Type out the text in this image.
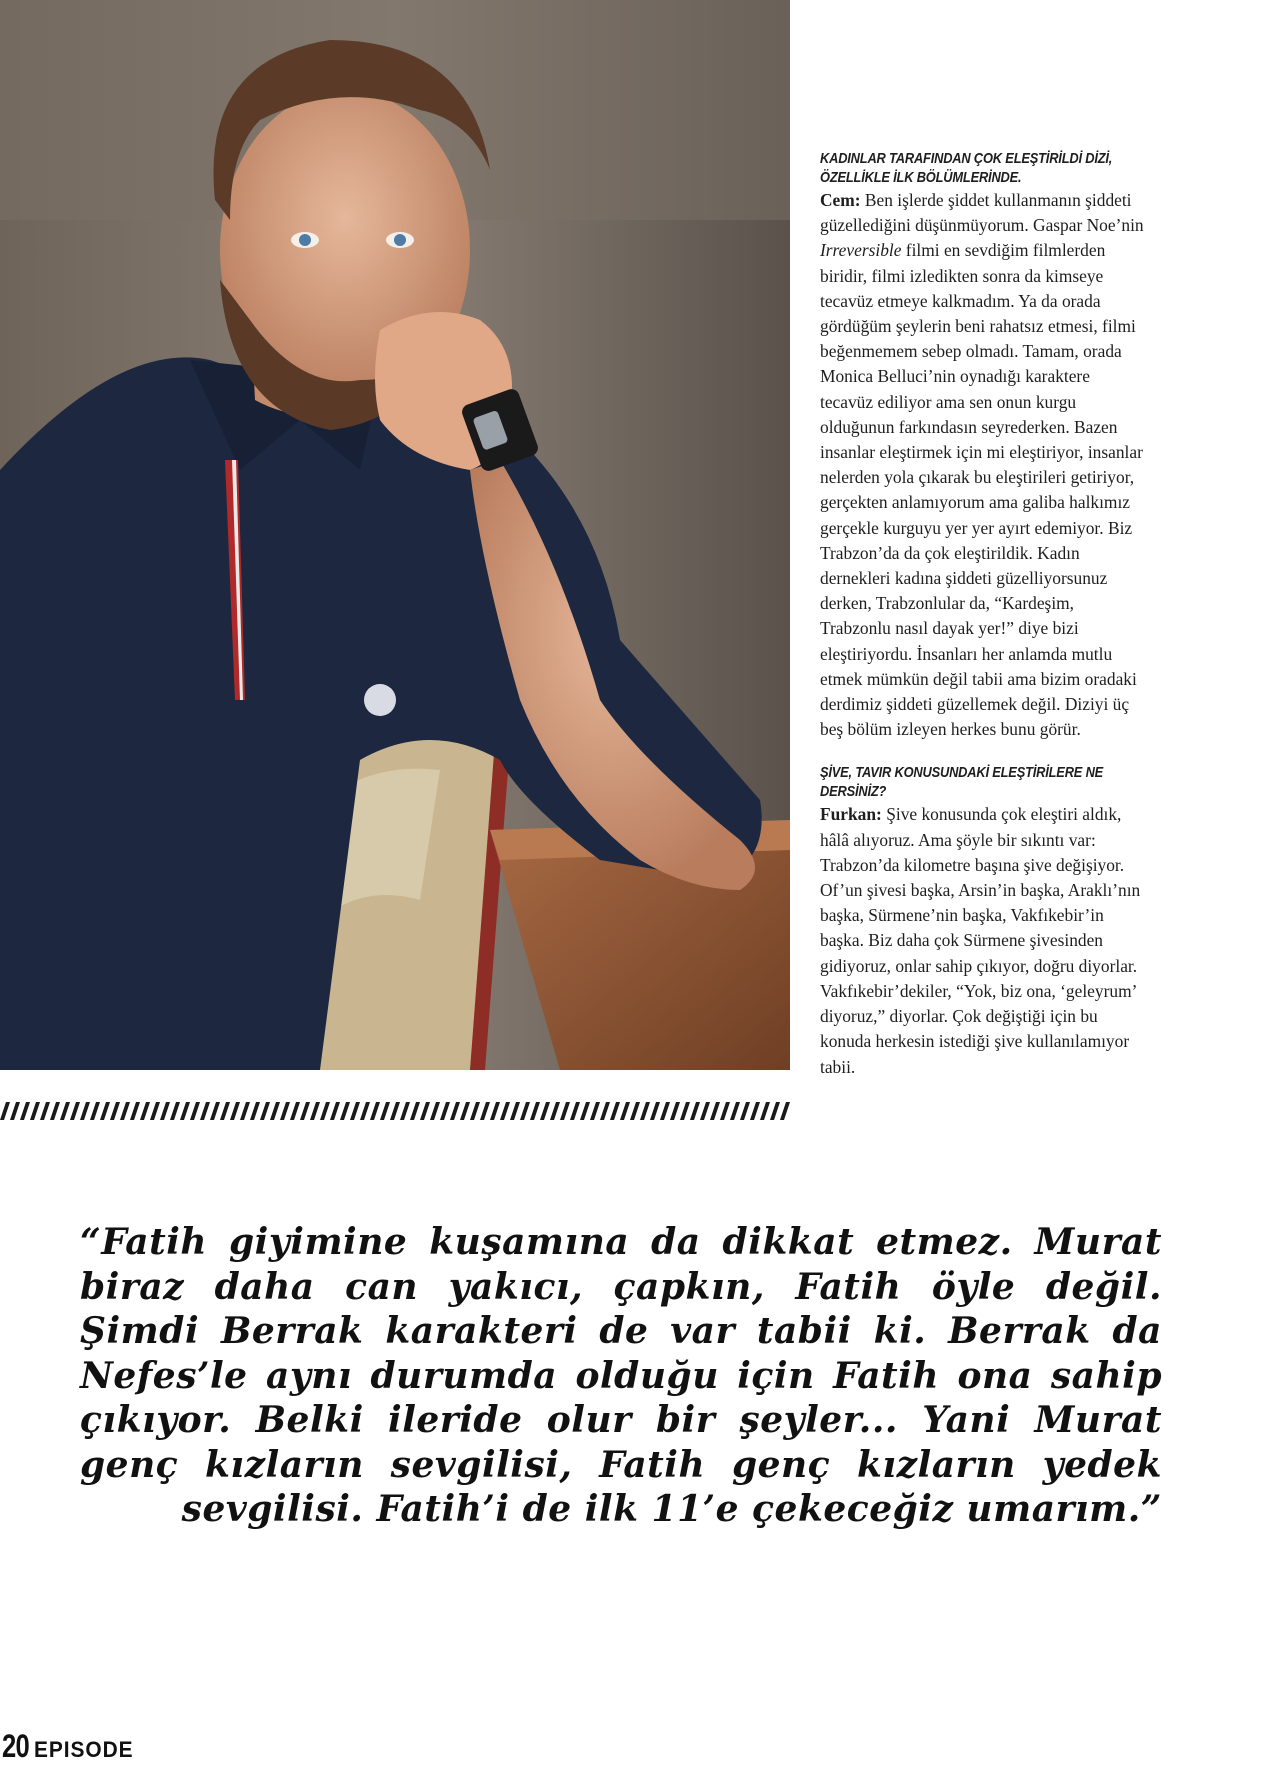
KADINLAR TARAFINDAN ÇOK ELEŞTİRİLDİ DİZİ, ÖZELLİKLE İLK BÖLÜMLERİNDE.
Cem: Ben işlerde şiddet kullanmanın şiddeti güzellediğini düşünmüyorum. Gaspar Noe’nin Irreversible filmi en sevdiğim filmlerden biridir, filmi izledikten sonra da kimseye tecavüz etmeye kalkmadım. Ya da orada gördüğüm şeylerin beni rahatsız etmesi, filmi beğenmemem sebep olmadı. Tamam, orada Monica Belluci’nin oynadığı karaktere tecavüz ediliyor ama sen onun kurgu olduğunun farkındasın seyrederken. Bazen insanlar eleştirmek için mi eleştiriyor, insanlar nelerden yola çıkarak bu eleştirileri getiriyor, gerçekten anlamıyorum ama galiba halkımız gerçekle kurguyu yer yer ayırt edemiyor. Biz Trabzon’da da çok eleştirildik. Kadın dernekleri kadına şiddeti güzelliyorsunuz derken, Trabzonlular da, “Kardeşim, Trabzonlu nasıl dayak yer!” diye bizi eleştiriyordu. İnsanları her anlamda mutlu etmek mümkün değil tabii ama bizim oradaki derdimiz şiddeti güzellemek değil. Diziyi üç beş bölüm izleyen herkes bunu görür.
ŞİVE, TAVIR KONUSUNDAKİ ELEŞTİRİLERE NE DERSİNİZ?
Furkan: Şive konusunda çok eleştiri aldık, hâlâ alıyoruz. Ama şöyle bir sıkıntı var: Trabzon’da kilometre başına şive değişiyor. Of’un şivesi başka, Arsin’in başka, Araklı’nın başka, Sürmene’nin başka, Vakfıkebir’in başka. Biz daha çok Sürmene şivesinden gidiyoruz, onlar sahip çıkıyor, doğru diyorlar. Vakfıkebir’dekiler, “Yok, biz ona, ‘geleyrum’ diyoruz,” diyorlar. Çok değiştiği için bu konuda herkesin istediği şive kullanılamıyor tabii.
“Fatih giyimine kuşamına da dikkat etmez. Murat biraz daha can yakıcı, çapkın, Fatih öyle değil. Şimdi Berrak karakteri de var tabii ki. Berrak da Nefes’le aynı durumda olduğu için Fatih ona sahip çıkıyor. Belki ileride olur bir şeyler... Yani Murat genç kızların sevgilisi, Fatih genç kızların yedek sevgilisi. Fatih’i de ilk 11’e çekeceğiz umarım.”
20 EPISODE
